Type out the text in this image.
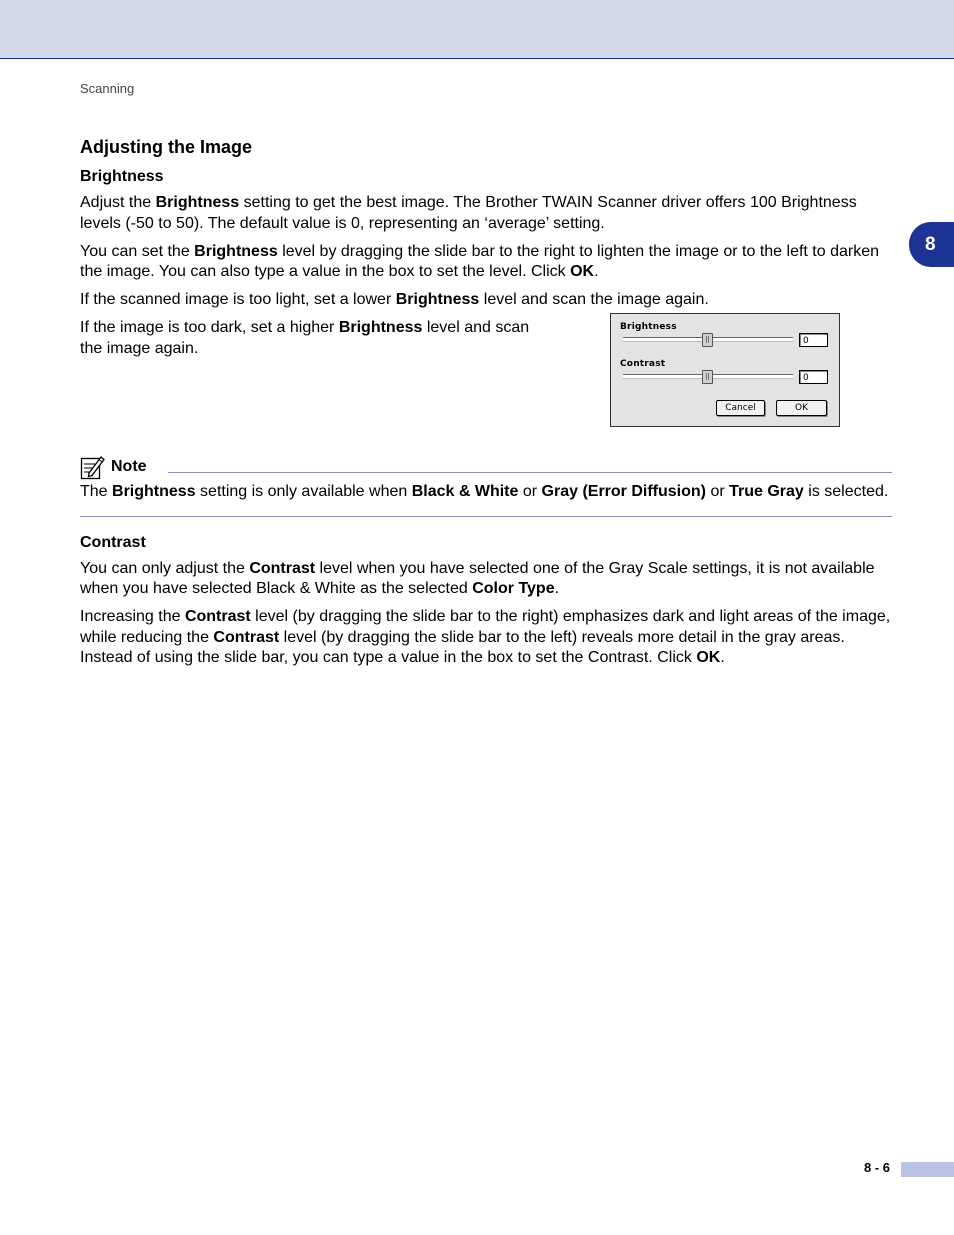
Scanning
8
Adjusting the Image
Brightness

Adjust the Brightness setting to get the best image. The Brother TWAIN Scanner driver offers 100 Brightness levels (-50 to 50). The default value is 0, representing an ‘average’ setting.

You can set the Brightness level by dragging the slide bar to the right to lighten the image or to the left to darken the image. You can also type a value in the box to set the level. Click OK.

If the scanned image is too light, set a lower Brightness level and scan the image again.

If the image is too dark, set a higher Brightness level and scan the image again.

Brightness
0
Contrast
0
Cancel	OK
Note

The Brightness setting is only available when Black & White or Gray (Error Diffusion) or True Gray is selected.

Contrast

You can only adjust the Contrast level when you have selected one of the Gray Scale settings, it is not available when you have selected Black & White as the selected Color Type.

Increasing the Contrast level (by dragging the slide bar to the right) emphasizes dark and light areas of the image, while reducing the Contrast level (by dragging the slide bar to the left) reveals more detail in the gray areas. Instead of using the slide bar, you can type a value in the box to set the Contrast. Click OK.

8 - 6
